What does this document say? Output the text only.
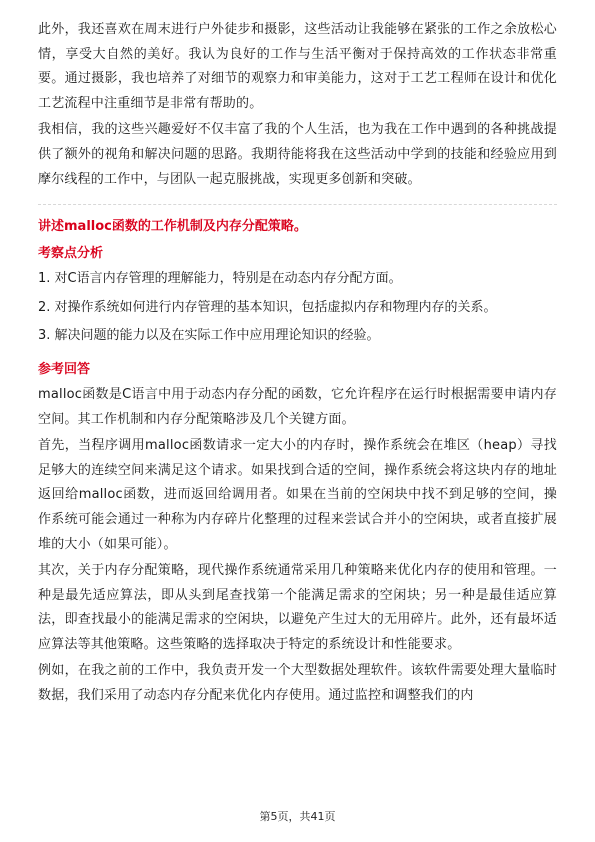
此外，我还喜欢在周末进行户外徒步和摄影，这些活动让我能够在紧张的工作之余放松心情，享受大自然的美好。我认为良好的工作与生活平衡对于保持高效的工作状态非常重要。通过摄影，我也培养了对细节的观察力和审美能力，这对于工艺工程师在设计和优化工艺流程中注重细节是非常有帮助的。

我相信，我的这些兴趣爱好不仅丰富了我的个人生活，也为我在工作中遇到的各种挑战提供了额外的视角和解决问题的思路。我期待能将我在这些活动中学到的技能和经验应用到摩尔线程的工作中，与团队一起克服挑战，实现更多创新和突破。

讲述malloc函数的工作机制及内存分配策略。

考察点分析

1. 对C语言内存管理的理解能力，特别是在动态内存分配方面。

2. 对操作系统如何进行内存管理的基本知识，包括虚拟内存和物理内存的关系。

3. 解决问题的能力以及在实际工作中应用理论知识的经验。

参考回答

malloc函数是C语言中用于动态内存分配的函数，它允许程序在运行时根据需要申请内存空间。其工作机制和内存分配策略涉及几个关键方面。

首先，当程序调用malloc函数请求一定大小的内存时，操作系统会在堆区（heap）寻找足够大的连续空间来满足这个请求。如果找到合适的空间，操作系统会将这块内存的地址返回给malloc函数，进而返回给调用者。如果在当前的空闲块中找不到足够的空间，操作系统可能会通过一种称为内存碎片化整理的过程来尝试合并小的空闲块，或者直接扩展堆的大小（如果可能）。

其次，关于内存分配策略，现代操作系统通常采用几种策略来优化内存的使用和管理。一种是最先适应算法，即从头到尾查找第一个能满足需求的空闲块；另一种是最佳适应算法，即查找最小的能满足需求的空闲块，以避免产生过大的无用碎片。此外，还有最坏适应算法等其他策略。这些策略的选择取决于特定的系统设计和性能要求。

例如，在我之前的工作中，我负责开发一个大型数据处理软件。该软件需要处理大量临时数据，我们采用了动态内存分配来优化内存使用。通过监控和调整我们的内

第5页，共41页
